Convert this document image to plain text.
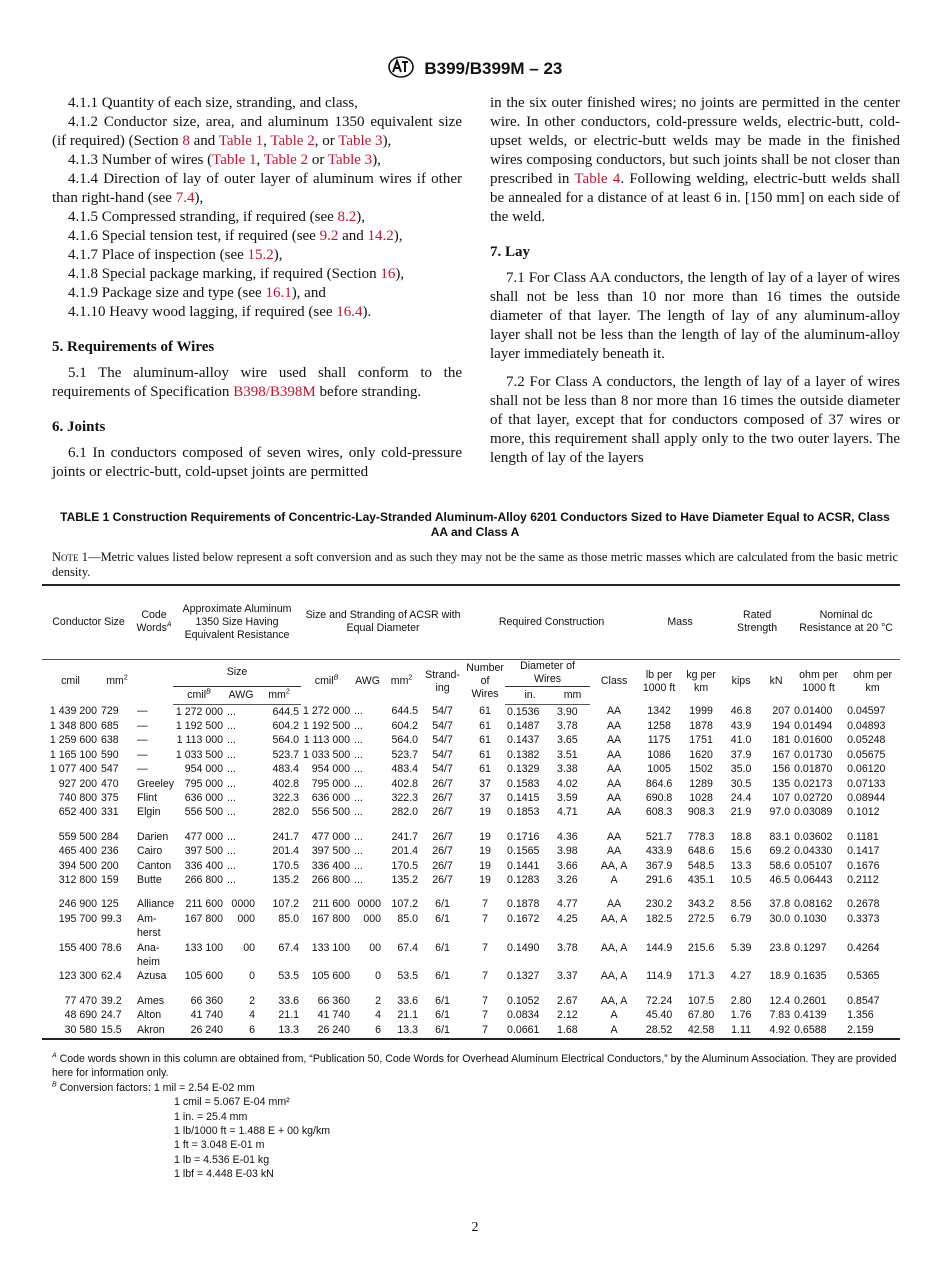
B399/B399M – 23

4.1.1 Quantity of each size, stranding, and class,

4.1.2 Conductor size, area, and aluminum 1350 equivalent size (if required) (Section 8 and Table 1, Table 2, or Table 3),

4.1.3 Number of wires (Table 1, Table 2 or Table 3),

4.1.4 Direction of lay of outer layer of aluminum wires if other than right-hand (see 7.4),

4.1.5 Compressed stranding, if required (see 8.2),

4.1.6 Special tension test, if required (see 9.2 and 14.2),

4.1.7 Place of inspection (see 15.2),

4.1.8 Special package marking, if required (Section 16),

4.1.9 Package size and type (see 16.1), and

4.1.10 Heavy wood lagging, if required (see 16.4).

5. Requirements of Wires

5.1 The aluminum-alloy wire used shall conform to the requirements of Specification B398/B398M before stranding.

6. Joints

6.1 In conductors composed of seven wires, only cold-pressure joints or electric-butt, cold-upset joints are permitted

in the six outer finished wires; no joints are permitted in the center wire. In other conductors, cold-pressure welds, electric-butt, cold-upset welds, or electric-butt welds may be made in the finished wires composing conductors, but such joints shall be not closer than prescribed in Table 4. Following welding, electric-butt welds shall be annealed for a distance of at least 6 in. [150 mm] on each side of the weld.

7. Lay

7.1 For Class AA conductors, the length of lay of a layer of wires shall not be less than 10 nor more than 16 times the outside diameter of that layer. The length of lay of any aluminum-alloy layer shall not be less than the length of lay of the aluminum-alloy layer immediately beneath it.

7.2 For Class A conductors, the length of lay of a layer of wires shall not be less than 8 nor more than 16 times the outside diameter of that layer, except that for conductors composed of 37 wires or more, this requirement shall apply only to the two outer layers. The length of lay of the layers

TABLE 1 Construction Requirements of Concentric-Lay-Stranded Aluminum-Alloy 6201 Conductors Sized to Have Diameter Equal to ACSR, Class AA and Class A
Note 1—Metric values listed below represent a soft conversion and as such they may not be the same as those metric masses which are calculated from the basic metric density.
Conductor Size		Code Words$^A$	Approximate Aluminum 1350 Size Having Equivalent Resistance			Size and Stranding of ACSR with Equal Diameter				Required Construction				Mass		Rated Strength		Nominal dc Resistance at 20 °C	
cmil	$mm^2$		Size			cmil$^B$	AWG	$mm^2$	Strand-ing	Number of Wires	Diameter of Wires		Class	lb per 1000 ft	kg per km	kips	kN	ohm per 1000 ft	ohm per km
			cmil$^B$	AWG	$mm^2$						in.	mm							
1 439 200	729	—	1 272 000	...	644.5	1 272 000	...	644.5	54/7	61	0.1536	3.90	AA	1342	1999	46.8	207	0.01400	0.04597
1 348 800	685	—	1 192 500	...	604.2	1 192 500	...	604.2	54/7	61	0.1487	3.78	AA	1258	1878	43.9	194	0.01494	0.04893
1 259 600	638	—	1 113 000	...	564.0	1 113 000	...	564.0	54/7	61	0.1437	3.65	AA	1175	1751	41.0	181	0.01600	0.05248
1 165 100	590	—	1 033 500	...	523.7	1 033 500	...	523.7	54/7	61	0.1382	3.51	AA	1086	1620	37.9	167	0.01730	0.05675
1 077 400	547	—	954 000	...	483.4	954 000	...	483.4	54/7	61	0.1329	3.38	AA	1005	1502	35.0	156	0.01870	0.06120
927 200	470	Greeley	795 000	...	402.8	795 000	...	402.8	26/7	37	0.1583	4.02	AA	864.6	1289	30.5	135	0.02173	0.07133
740 800	375	Flint	636 000	...	322.3	636 000	...	322.3	26/7	37	0.1415	3.59	AA	690.8	1028	24.4	107	0.02720	0.08944
652 400	331	Elgin	556 500	...	282.0	556 500	...	282.0	26/7	19	0.1853	4.71	AA	608.3	908.3	21.9	97.0	0.03089	0.1012

559 500	284	Darien	477 000	...	241.7	477 000	...	241.7	26/7	19	0.1716	4.36	AA	521.7	778.3	18.8	83.1	0.03602	0.1181
465 400	236	Cairo	397 500	...	201.4	397 500	...	201.4	26/7	19	0.1565	3.98	AA	433.9	648.6	15.6	69.2	0.04330	0.1417
394 500	200	Canton	336 400	...	170.5	336 400	...	170.5	26/7	19	0.1441	3.66	AA, A	367.9	548.5	13.3	58.6	0.05107	0.1676
312 800	159	Butte	266 800	...	135.2	266 800	...	135.2	26/7	19	0.1283	3.26	A	291.6	435.1	10.5	46.5	0.06443	0.2112

246 900	125	Alliance	211 600	0000	107.2	211 600	0000	107.2	6/1	7	0.1878	4.77	AA	230.2	343.2	8.56	37.8	0.08162	0.2678
195 700	99.3	Am-herst	167 800	000	85.0	167 800	000	85.0	6/1	7	0.1672	4.25	AA, A	182.5	272.5	6.79	30.0	0.1030	0.3373
155 400	78.6	Ana-heim	133 100	00	67.4	133 100	00	67.4	6/1	7	0.1490	3.78	AA, A	144.9	215.6	5.39	23.8	0.1297	0.4264
123 300	62.4	Azusa	105 600	0	53.5	105 600	0	53.5	6/1	7	0.1327	3.37	AA, A	114.9	171.3	4.27	18.9	0.1635	0.5365

77 470	39.2	Ames	66 360	2	33.6	66 360	2	33.6	6/1	7	0.1052	2.67	AA, A	72.24	107.5	2.80	12.4	0.2601	0.8547
48 690	24.7	Alton	41 740	4	21.1	41 740	4	21.1	6/1	7	0.0834	2.12	A	45.40	67.80	1.76	7.83	0.4139	1.356
30 580	15.5	Akron	26 240	6	13.3	26 240	6	13.3	6/1	7	0.0661	1.68	A	28.52	42.58	1.11	4.92	0.6588	2.159
$^A$ Code words shown in this column are obtained from, “Publication 50, Code Words for Overhead Aluminum Electrical Conductors,” by the Aluminum Association. They are provided here for information only.
$^B$ Conversion factors: 1 mil = 2.54 E-02 mm
1 cmil = 5.067 E-04 mm²
1 in. = 25.4 mm
1 lb/1000 ft = 1.488 E + 00 kg/km
1 ft = 3.048 E-01 m
1 lb = 4.536 E-01 kg
1 lbf = 4.448 E-03 kN
2
